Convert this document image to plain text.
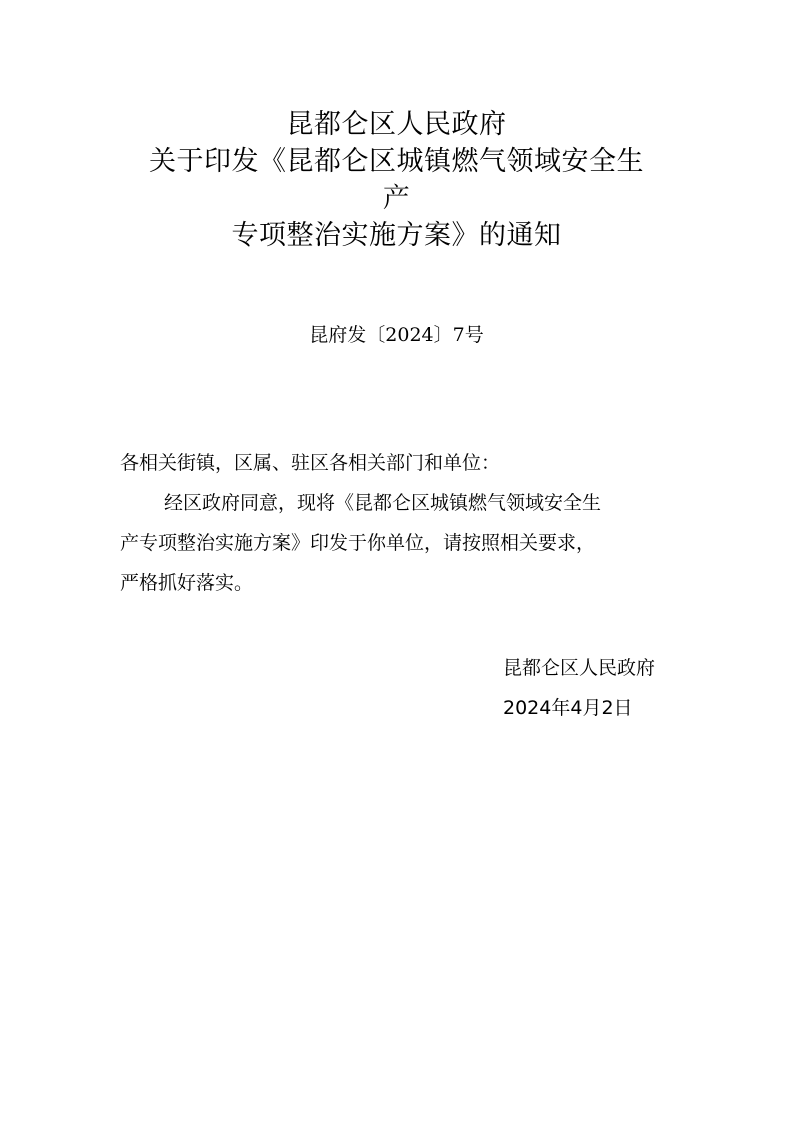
昆都仑区人民政府
关于印发《昆都仑区城镇燃气领域安全生
产
专项整治实施方案》的通知
昆府发〔2024〕7号
各相关街镇，区属、驻区各相关部门和单位：
经区政府同意，现将《昆都仑区城镇燃气领域安全生
产专项整治实施方案》印发于你单位，请按照相关要求，
严格抓好落实。
昆都仑区人民政府
2024年4月2日
